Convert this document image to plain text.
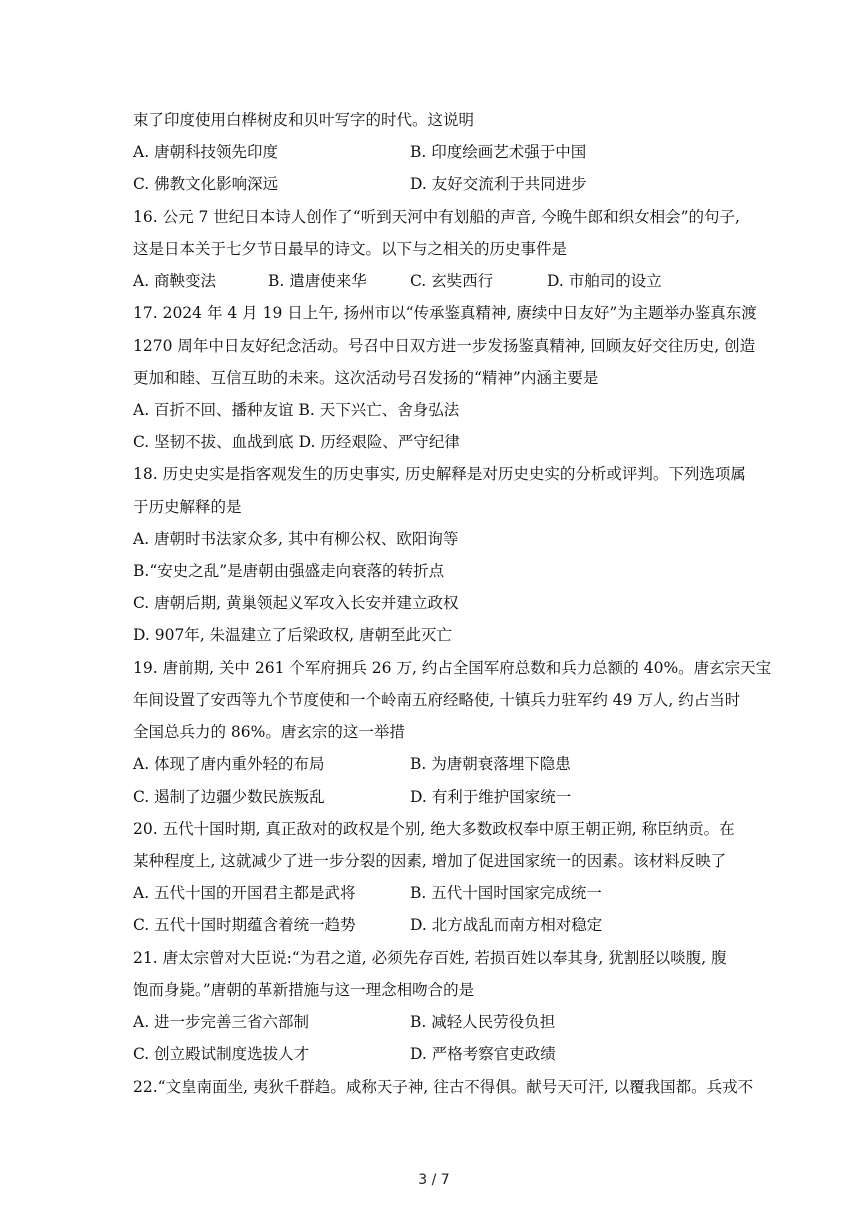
束了印度使用白桦树皮和贝叶写字的时代。这说明
A. 唐朝科技领先印度	B. 印度绘画艺术强于中国
C. 佛教文化影响深远	D. 友好交流利于共同进步
16. 公元 7 世纪日本诗人创作了“听到天河中有划船的声音, 今晚牛郎和织女相会”的句子,
这是日本关于七夕节日最早的诗文。以下与之相关的历史事件是
A. 商鞅变法	B. 遣唐使来华	C. 玄奘西行	D. 市舶司的设立
17. 2024 年 4 月 19 日上午, 扬州市以“传承鉴真精神, 赓续中日友好”为主题举办鉴真东渡
1270 周年中日友好纪念活动。号召中日双方进一步发扬鉴真精神, 回顾友好交往历史, 创造
更加和睦、互信互助的未来。这次活动号召发扬的“精神”内涵主要是
A. 百折不回、播种友谊 B. 天下兴亡、舍身弘法
C. 坚韧不拔、血战到底 D. 历经艰险、严守纪律
18. 历史史实是指客观发生的历史事实, 历史解释是对历史史实的分析或评判。下列选项属
于历史解释的是
A. 唐朝时书法家众多, 其中有柳公权、欧阳询等
B.“安史之乱”是唐朝由强盛走向衰落的转折点
C. 唐朝后期, 黄巢领起义军攻入长安并建立政权
D. 907年, 朱温建立了后梁政权, 唐朝至此灭亡
19. 唐前期, 关中 261 个军府拥兵 26 万, 约占全国军府总数和兵力总额的 40%。唐玄宗天宝
年间设置了安西等九个节度使和一个岭南五府经略使, 十镇兵力驻军约 49 万人, 约占当时
全国总兵力的 86%。唐玄宗的这一举措
A. 体现了唐内重外轻的布局	B. 为唐朝衰落埋下隐患
C. 遏制了边疆少数民族叛乱	D. 有利于维护国家统一
20. 五代十国时期, 真正敌对的政权是个别, 绝大多数政权奉中原王朝正朔, 称臣纳贡。在
某种程度上, 这就减少了进一步分裂的因素, 增加了促进国家统一的因素。该材料反映了
A. 五代十国的开国君主都是武将	B. 五代十国时国家完成统一
C. 五代十国时期蕴含着统一趋势	D. 北方战乱而南方相对稳定
21. 唐太宗曾对大臣说:“为君之道, 必须先存百姓, 若损百姓以奉其身, 犹割胫以啖腹, 腹
饱而身毙。”唐朝的革新措施与这一理念相吻合的是
A. 进一步完善三省六部制	B. 减轻人民劳役负担
C. 创立殿试制度选拔人才	D. 严格考察官吏政绩
22.“文皇南面坐, 夷狄千群趋。咸称天子神, 往古不得俱。献号天可汗, 以覆我国都。兵戎不
3 / 7
